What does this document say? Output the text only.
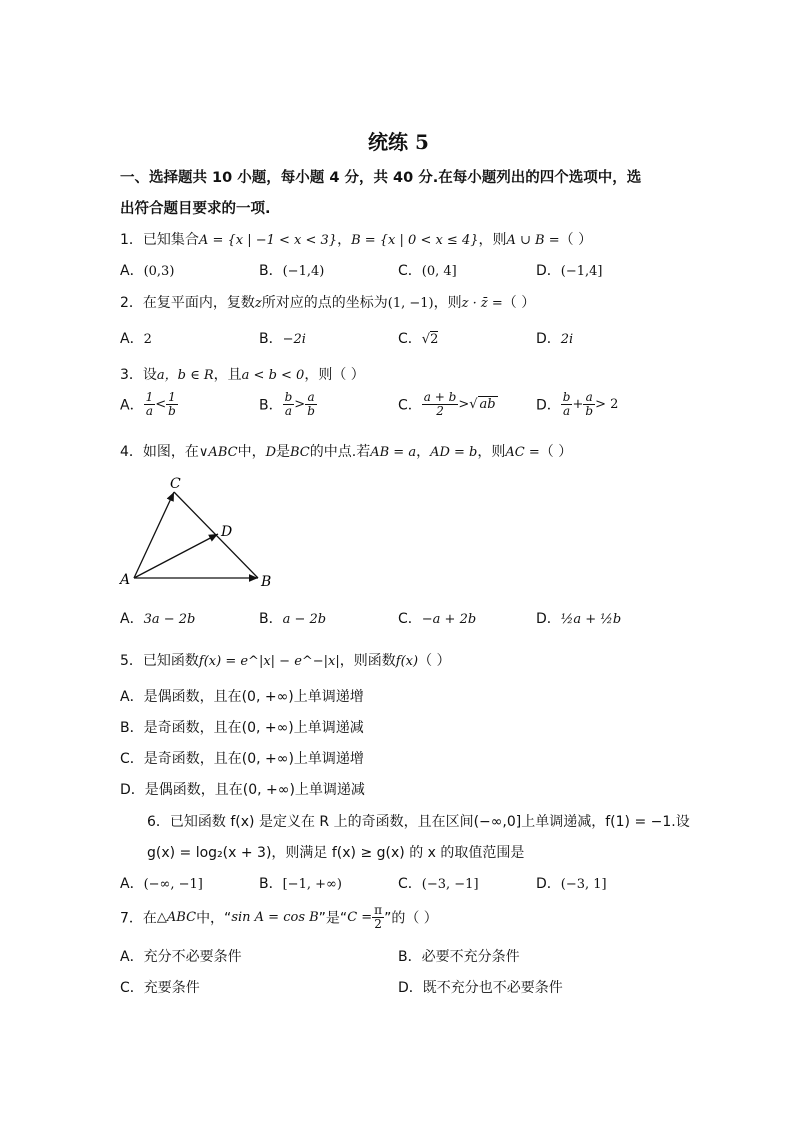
统练 5
一、选择题共 10 小题，每小题 4 分，共 40 分.在每小题列出的四个选项中，选
出符合题目要求的一项.
1．已知集合A = {x | −1 < x < 3}，B = {x | 0 < x ≤ 4}，则A ∪ B =（ ）
A．(0,3)	B．(−1,4)	C．(0, 4]	D．(−1,4]
2．在复平面内，复数z所对应的点的坐标为(1, −1)，则z · z̄ =（ ）
A．2	B．−2i	C．√2	D．2i
3．设a，b ∈ R，且a < b < 0，则（ ）
A． $\frac{1}{a} < \frac{1}{b}$	B． $\frac{b}{a} > \frac{a}{b}$	C． $\frac{a + b}{2}$ >√ ab	D． $\frac{b}{a} + \frac{a}{b} > 2$
4．如图，在∨ABC中，D是BC的中点.若AB = a，AD = b，则AC =（ ）
A	B
C
D
A．3a − 2b	B．a − 2b	C．−a + 2b	D．½a + ½b
5．已知函数f(x) = e^|x| − e^−|x|，则函数f(x)（ ）
A．是偶函数，且在(0, +∞)上单调递增
B．是奇函数，且在(0, +∞)上单调递减
C．是奇函数，且在(0, +∞)上单调递增
D．是偶函数，且在(0, +∞)上单调递减
6．已知函数 f(x) 是定义在 R 上的奇函数，且在区间(−∞,0]上单调递减，f(1) = −1.设
g(x) = log₂(x + 3)，则满足 f(x) ≥ g(x) 的 x 的取值范围是
A．(−∞, −1]	B．[−1, +∞)	C．(−3, −1]	D．(−3, 1]
7．在△ABC中，“sin A = cos B”是“$C = \frac{\pi}{2}$ ”的（ ）
A．充分不必要条件	B．必要不充分条件
C．充要条件	D．既不充分也不必要条件
